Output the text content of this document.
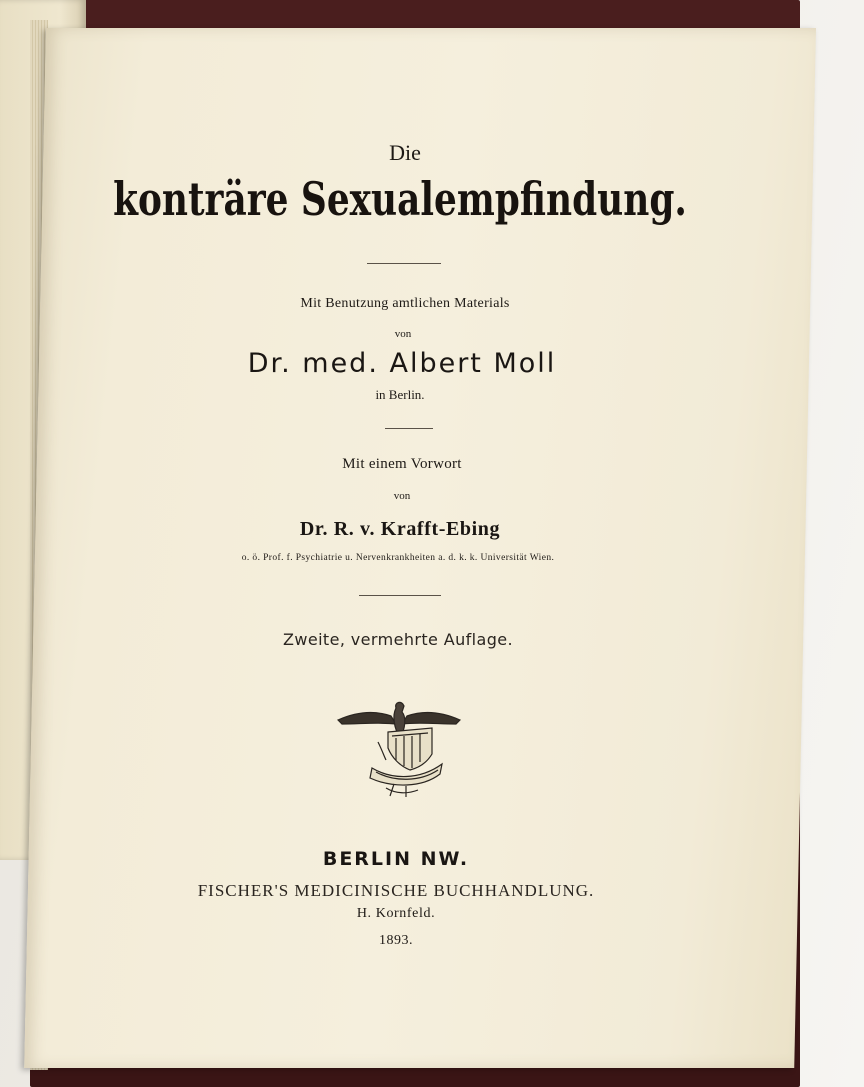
Die
konträre Sexualempfindung.
Mit Benutzung amtlichen Materials
von
Dr. med. Albert Moll
in Berlin.
Mit einem Vorwort
von
Dr. R. v. Krafft-Ebing
o. ö. Prof. f. Psychiatrie u. Nervenkrankheiten a. d. k. k. Universität Wien.
Zweite, vermehrte Auflage.
BERLIN NW.
FISCHER'S MEDICINISCHE BUCHHANDLUNG.
H. Kornfeld.
1893.
